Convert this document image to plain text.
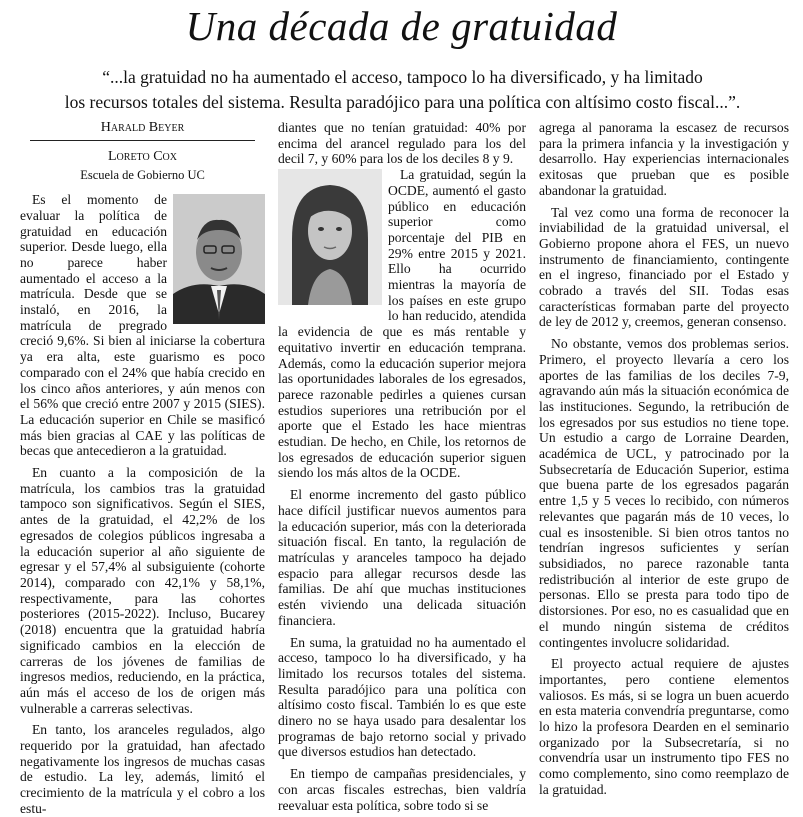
Una década de gratuidad
“...la gratuidad no ha aumentado el acceso, tampoco lo ha diversificado, y ha limitado
los recursos totales del sistema. Resulta paradójico para una política con altísimo costo fiscal...”.
Harald Beyer
Loreto Cox
Escuela de Gobierno UC

Es el momento de evaluar la política de gratuidad en educación superior. Desde luego, ella no parece haber aumentado el acceso a la matrícula. Desde que se instaló, en 2016, la matrícula de pregrado creció 9,6%. Si bien al iniciarse la cobertura ya era alta, este guarismo es poco comparado con el 24% que había crecido en los cinco años anteriores, y aún menos con el 56% que creció entre 2007 y 2015 (SIES). La educación superior en Chile se masificó más bien gracias al CAE y las políticas de becas que antecedieron a la gratuidad.

En cuanto a la composición de la matrícula, los cambios tras la gratuidad tampoco son significativos. Según el SIES, antes de la gratuidad, el 42,2% de los egresados de colegios públicos ingresaba a la educación superior al año siguiente de egresar y el 57,4% al subsiguiente (cohorte 2014), comparado con 42,1% y 58,1%, respectivamente, para las cohortes posteriores (2015-2022). Incluso, Bucarey (2018) encuentra que la gratuidad habría significado cambios en la elección de carreras de los jóvenes de familias de ingresos medios, reduciendo, en la práctica, aún más el acceso de los de origen más vulnerable a carreras selectivas.

En tanto, los aranceles regulados, algo requerido por la gratuidad, han afectado negativamente los ingresos de muchas casas de estudio. La ley, además, limitó el crecimiento de la matrícula y el cobro a los estu-

diantes que no tenían gratuidad: 40% por encima del arancel regulado para los del decil 7, y 60% para los de los deciles 8 y 9.

La gratuidad, según la OCDE, aumentó el gasto público en educación superior como porcentaje del PIB en 29% entre 2015 y 2021. Ello ha ocurrido mientras la mayoría de los países en este grupo lo han reducido, atendida la evidencia de que es más rentable y equitativo invertir en educación temprana. Además, como la educación superior mejora las oportunidades laborales de los egresados, parece razonable pedirles a quienes cursan estudios superiores una retribución por el aporte que el Estado les hace mientras estudian. De hecho, en Chile, los retornos de los egresados de educación superior siguen siendo los más altos de la OCDE.

El enorme incremento del gasto público hace difícil justificar nuevos aumentos para la educación superior, más con la deteriorada situación fiscal. En tanto, la regulación de matrículas y aranceles tampoco ha dejado espacio para allegar recursos desde las familias. De ahí que muchas instituciones estén viviendo una delicada situación financiera.

En suma, la gratuidad no ha aumentado el acceso, tampoco lo ha diversificado, y ha limitado los recursos totales del sistema. Resulta paradójico para una política con altísimo costo fiscal. También lo es que este dinero no se haya usado para desalentar los programas de bajo retorno social y privado que diversos estudios han detectado.

En tiempo de campañas presidenciales, y con arcas fiscales estrechas, bien valdría reevaluar esta política, sobre todo si se

agrega al panorama la escasez de recursos para la primera infancia y la investigación y desarrollo. Hay experiencias internacionales exitosas que prueban que es posible abandonar la gratuidad.

Tal vez como una forma de reconocer la inviabilidad de la gratuidad universal, el Gobierno propone ahora el FES, un nuevo instrumento de financiamiento, contingente en el ingreso, financiado por el Estado y cobrado a través del SII. Todas esas características formaban parte del proyecto de ley de 2012 y, creemos, generan consenso.

No obstante, vemos dos problemas serios. Primero, el proyecto llevaría a cero los aportes de las familias de los deciles 7-9, agravando aún más la situación económica de las instituciones. Segundo, la retribución de los egresados por sus estudios no tiene tope. Un estudio a cargo de Lorraine Dearden, académica de UCL, y patrocinado por la Subsecretaría de Educación Superior, estima que buena parte de los egresados pagarán entre 1,5 y 5 veces lo recibido, con números relevantes que pagarán más de 10 veces, lo cual es insostenible. Si bien otros tantos no tendrían ingresos suficientes y serían subsidiados, no parece razonable tanta redistribución al interior de este grupo de personas. Ello se presta para todo tipo de distorsiones. Por eso, no es casualidad que en el mundo ningún sistema de créditos contingentes involucre solidaridad.

El proyecto actual requiere de ajustes importantes, pero contiene elementos valiosos. Es más, si se logra un buen acuerdo en esta materia convendría preguntarse, como lo hizo la profesora Dearden en el seminario organizado por la Subsecretaría, si no convendría usar un instrumento tipo FES no como complemento, sino como reemplazo de la gratuidad.
